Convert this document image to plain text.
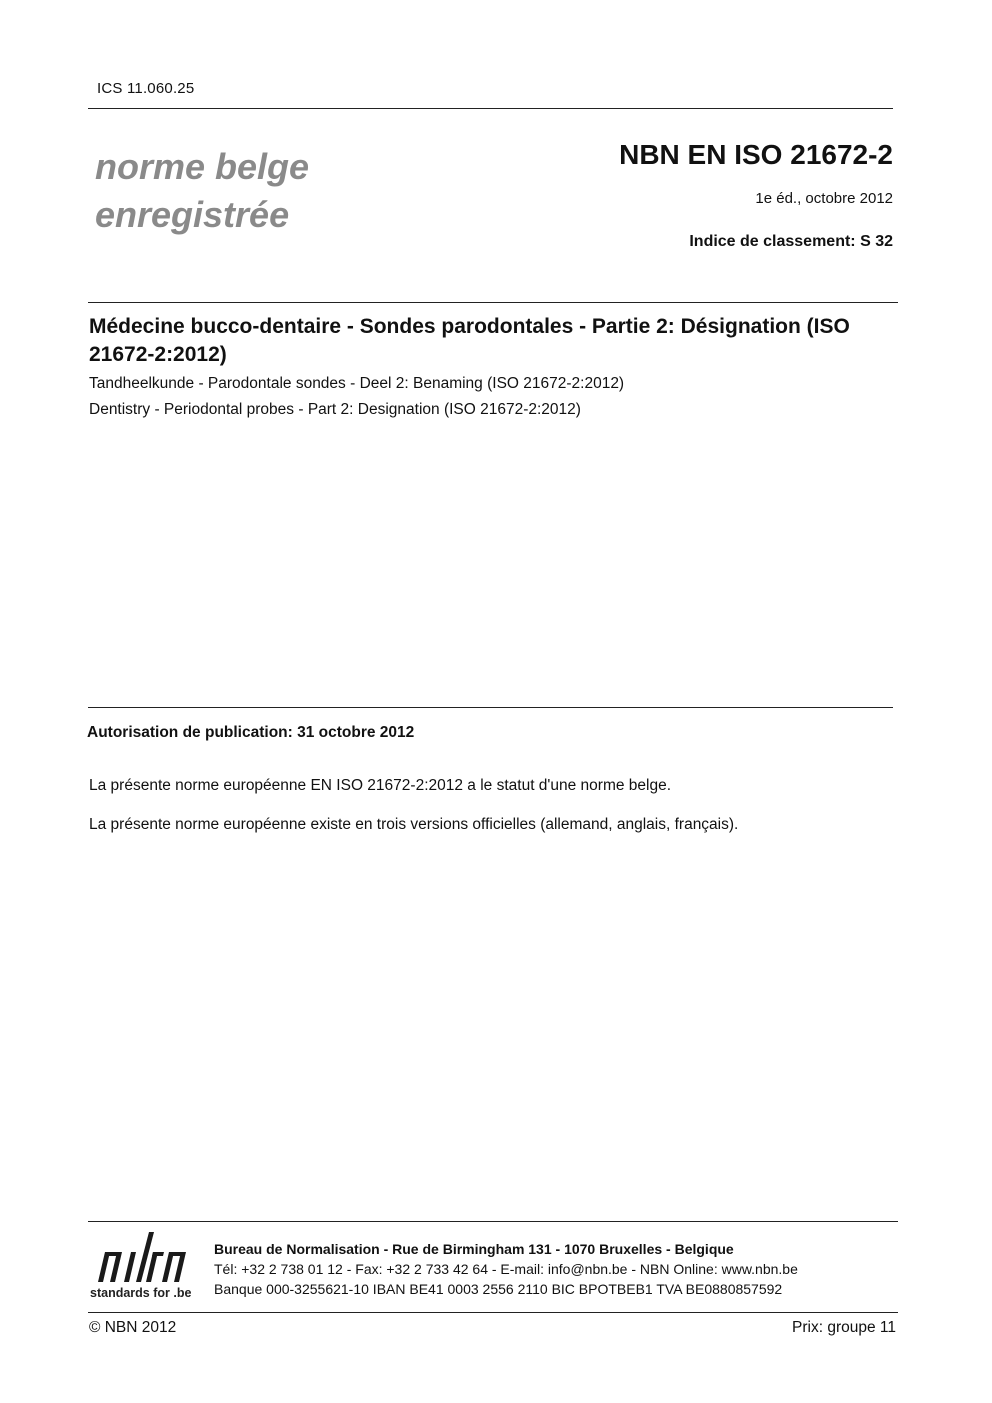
ICS 11.060.25
norme belge
enregistrée
NBN EN ISO 21672-2
1e éd., octobre 2012
Indice de classement: S 32
Médecine bucco-dentaire - Sondes parodontales - Partie 2: Désignation (ISO 21672-2:2012)
Tandheelkunde - Parodontale sondes - Deel 2: Benaming (ISO 21672-2:2012)
Dentistry - Periodontal probes - Part 2: Designation (ISO 21672-2:2012)
Autorisation de publication: 31 octobre 2012
La présente norme européenne EN ISO 21672-2:2012 a le statut d'une norme belge.
La présente norme européenne existe en trois versions officielles (allemand, anglais, français).
standards for .be
Bureau de Normalisation - Rue de Birmingham 131 - 1070 Bruxelles - Belgique
Tél: +32 2 738 01 12 - Fax: +32 2 733 42 64 - E-mail: info@nbn.be - NBN Online: www.nbn.be
Banque 000-3255621-10 IBAN BE41 0003 2556 2110 BIC BPOTBEB1 TVA BE0880857592
© NBN 2012	Prix: groupe 11
